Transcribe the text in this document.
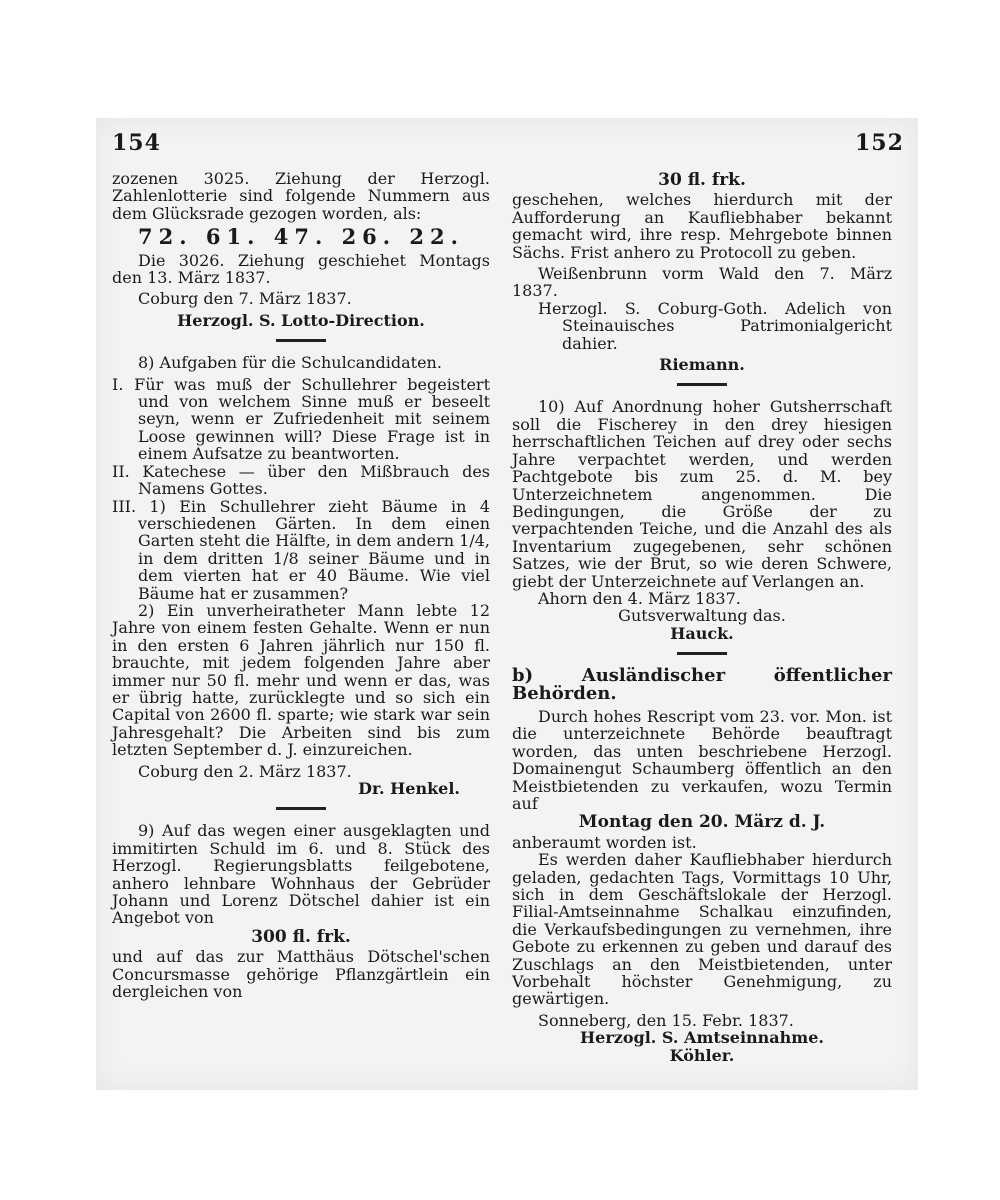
154	152

zozenen 3025. Ziehung der Herzogl. Zahlenlotterie sind folgende Nummern aus dem Glücksrade gezogen worden, als:

72. 61. 47. 26. 22.

Die 3026. Ziehung geschiehet Montags den 13. März 1837.

Coburg den 7. März 1837.

Herzogl. S. Lotto-Direction.

8) Aufgaben für die Schulcandidaten.

I. Für was muß der Schullehrer begeistert und von welchem Sinne muß er beseelt seyn, wenn er Zufriedenheit mit seinem Loose gewinnen will? Diese Frage ist in einem Aufsatze zu beantworten.

II. Katechese — über den Mißbrauch des Namens Gottes.

III. 1) Ein Schullehrer zieht Bäume in 4 verschiedenen Gärten. In dem einen Garten steht die Hälfte, in dem andern 1/4, in dem dritten 1/8 seiner Bäume und in dem vierten hat er 40 Bäume. Wie viel Bäume hat er zusammen?

2) Ein unverheiratheter Mann lebte 12 Jahre von einem festen Gehalte. Wenn er nun in den ersten 6 Jahren jährlich nur 150 fl. brauchte, mit jedem folgenden Jahre aber immer nur 50 fl. mehr und wenn er das, was er übrig hatte, zurücklegte und so sich ein Capital von 2600 fl. sparte; wie stark war sein Jahresgehalt? Die Arbeiten sind bis zum letzten September d. J. einzureichen.

Coburg den 2. März 1837.

Dr. Henkel.

9) Auf das wegen einer ausgeklagten und immitirten Schuld im 6. und 8. Stück des Herzogl. Regierungsblatts feilgebotene, anhero lehnbare Wohnhaus der Gebrüder Johann und Lorenz Dötschel dahier ist ein Angebot von

300 fl. frk.

und auf das zur Matthäus Dötschel'schen Concursmasse gehörige Pflanzgärtlein ein dergleichen von

30 fl. frk.

geschehen, welches hierdurch mit der Aufforderung an Kaufliebhaber bekannt gemacht wird, ihre resp. Mehrgebote binnen Sächs. Frist anhero zu Protocoll zu geben.

Weißenbrunn vorm Wald den 7. März 1837.

Herzogl. S. Coburg-Goth. Adelich von Steinauisches Patrimonialgericht dahier.

Riemann.

10) Auf Anordnung hoher Gutsherrschaft soll die Fischerey in den drey hiesigen herrschaftlichen Teichen auf drey oder sechs Jahre verpachtet werden, und werden Pachtgebote bis zum 25. d. M. bey Unterzeichnetem angenommen. Die Bedingungen, die Größe der zu verpachtenden Teiche, und die Anzahl des als Inventarium zugegebenen, sehr schönen Satzes, wie der Brut, so wie deren Schwere, giebt der Unterzeichnete auf Verlangen an.

Ahorn den 4. März 1837.

Gutsverwaltung das.

Hauck.

b) Ausländischer öffentlicher Behörden.

Durch hohes Rescript vom 23. vor. Mon. ist die unterzeichnete Behörde beauftragt worden, das unten beschriebene Herzogl. Domainengut Schaumberg öffentlich an den Meistbietenden zu verkaufen, wozu Termin auf

Montag den 20. März d. J.

anberaumt worden ist.

Es werden daher Kaufliebhaber hierdurch geladen, gedachten Tags, Vormittags 10 Uhr, sich in dem Geschäftslokale der Herzogl. Filial-Amtseinnahme Schalkau einzufinden, die Verkaufsbedingungen zu vernehmen, ihre Gebote zu erkennen zu geben und darauf des Zuschlags an den Meistbietenden, unter Vorbehalt höchster Genehmigung, zu gewärtigen.

Sonneberg, den 15. Febr. 1837.

Herzogl. S. Amtseinnahme.

Köhler.
